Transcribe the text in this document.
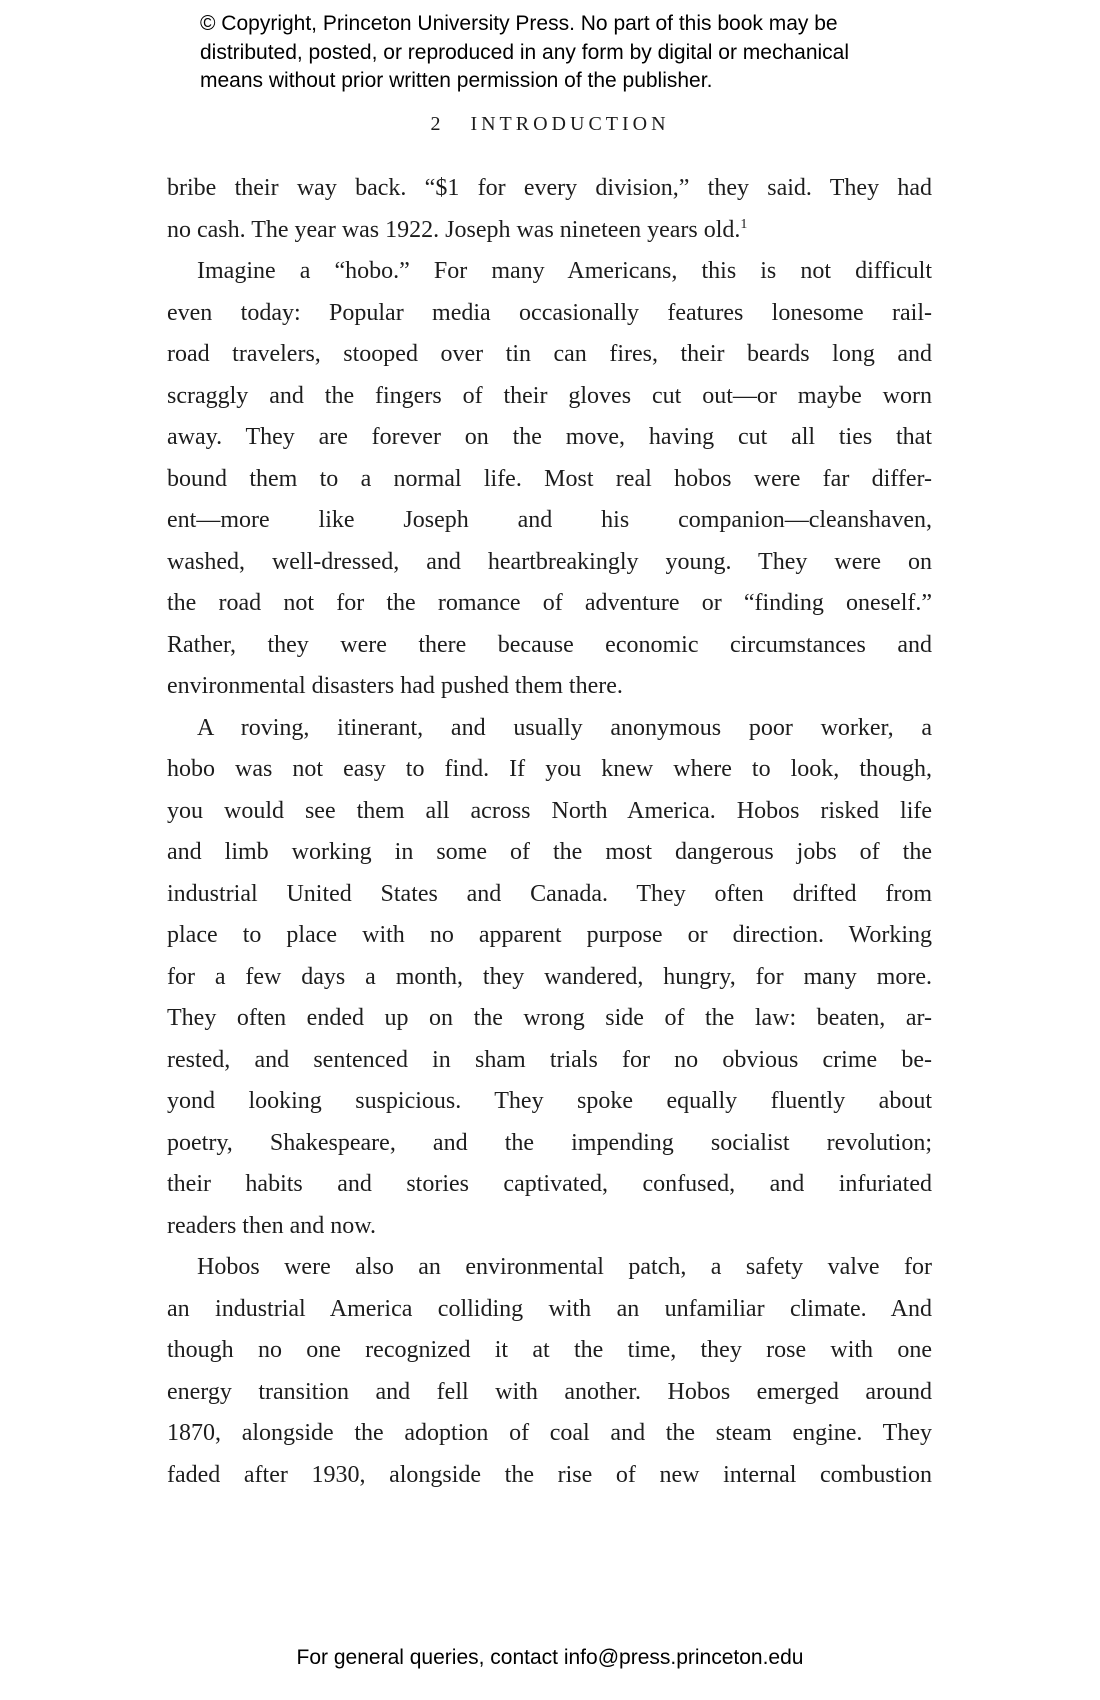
© Copyright, Princeton University Press. No part of this book may be
distributed, posted, or reproduced in any form by digital or mechanical
means without prior written permission of the publisher.
2 INTRODUCTION
bribe their way back. “$1 for every division,” they said. They had
no cash. The year was 1922. Joseph was nineteen years old.$^1$
Imagine a “hobo.” For many Americans, this is not difficult
even today: Popular media occasionally features lonesome rail-
road travelers, stooped over tin can fires, their beards long and
scraggly and the fingers of their gloves cut out—or maybe worn
away. They are forever on the move, having cut all ties that
bound them to a normal life. Most real hobos were far differ-
ent—more like Joseph and his companion—cleanshaven,
washed, well-dressed, and heartbreakingly young. They were on
the road not for the romance of adventure or “finding oneself.”
Rather, they were there because economic circumstances and
environmental disasters had pushed them there.
A roving, itinerant, and usually anonymous poor worker, a
hobo was not easy to find. If you knew where to look, though,
you would see them all across North America. Hobos risked life
and limb working in some of the most dangerous jobs of the
industrial United States and Canada. They often drifted from
place to place with no apparent purpose or direction. Working
for a few days a month, they wandered, hungry, for many more.
They often ended up on the wrong side of the law: beaten, ar-
rested, and sentenced in sham trials for no obvious crime be-
yond looking suspicious. They spoke equally fluently about
poetry, Shakespeare, and the impending socialist revolution;
their habits and stories captivated, confused, and infuriated
readers then and now.
Hobos were also an environmental patch, a safety valve for
an industrial America colliding with an unfamiliar climate. And
though no one recognized it at the time, they rose with one
energy transition and fell with another. Hobos emerged around
1870, alongside the adoption of coal and the steam engine. They
faded after 1930, alongside the rise of new internal combustion
For general queries, contact info@press.princeton.edu
